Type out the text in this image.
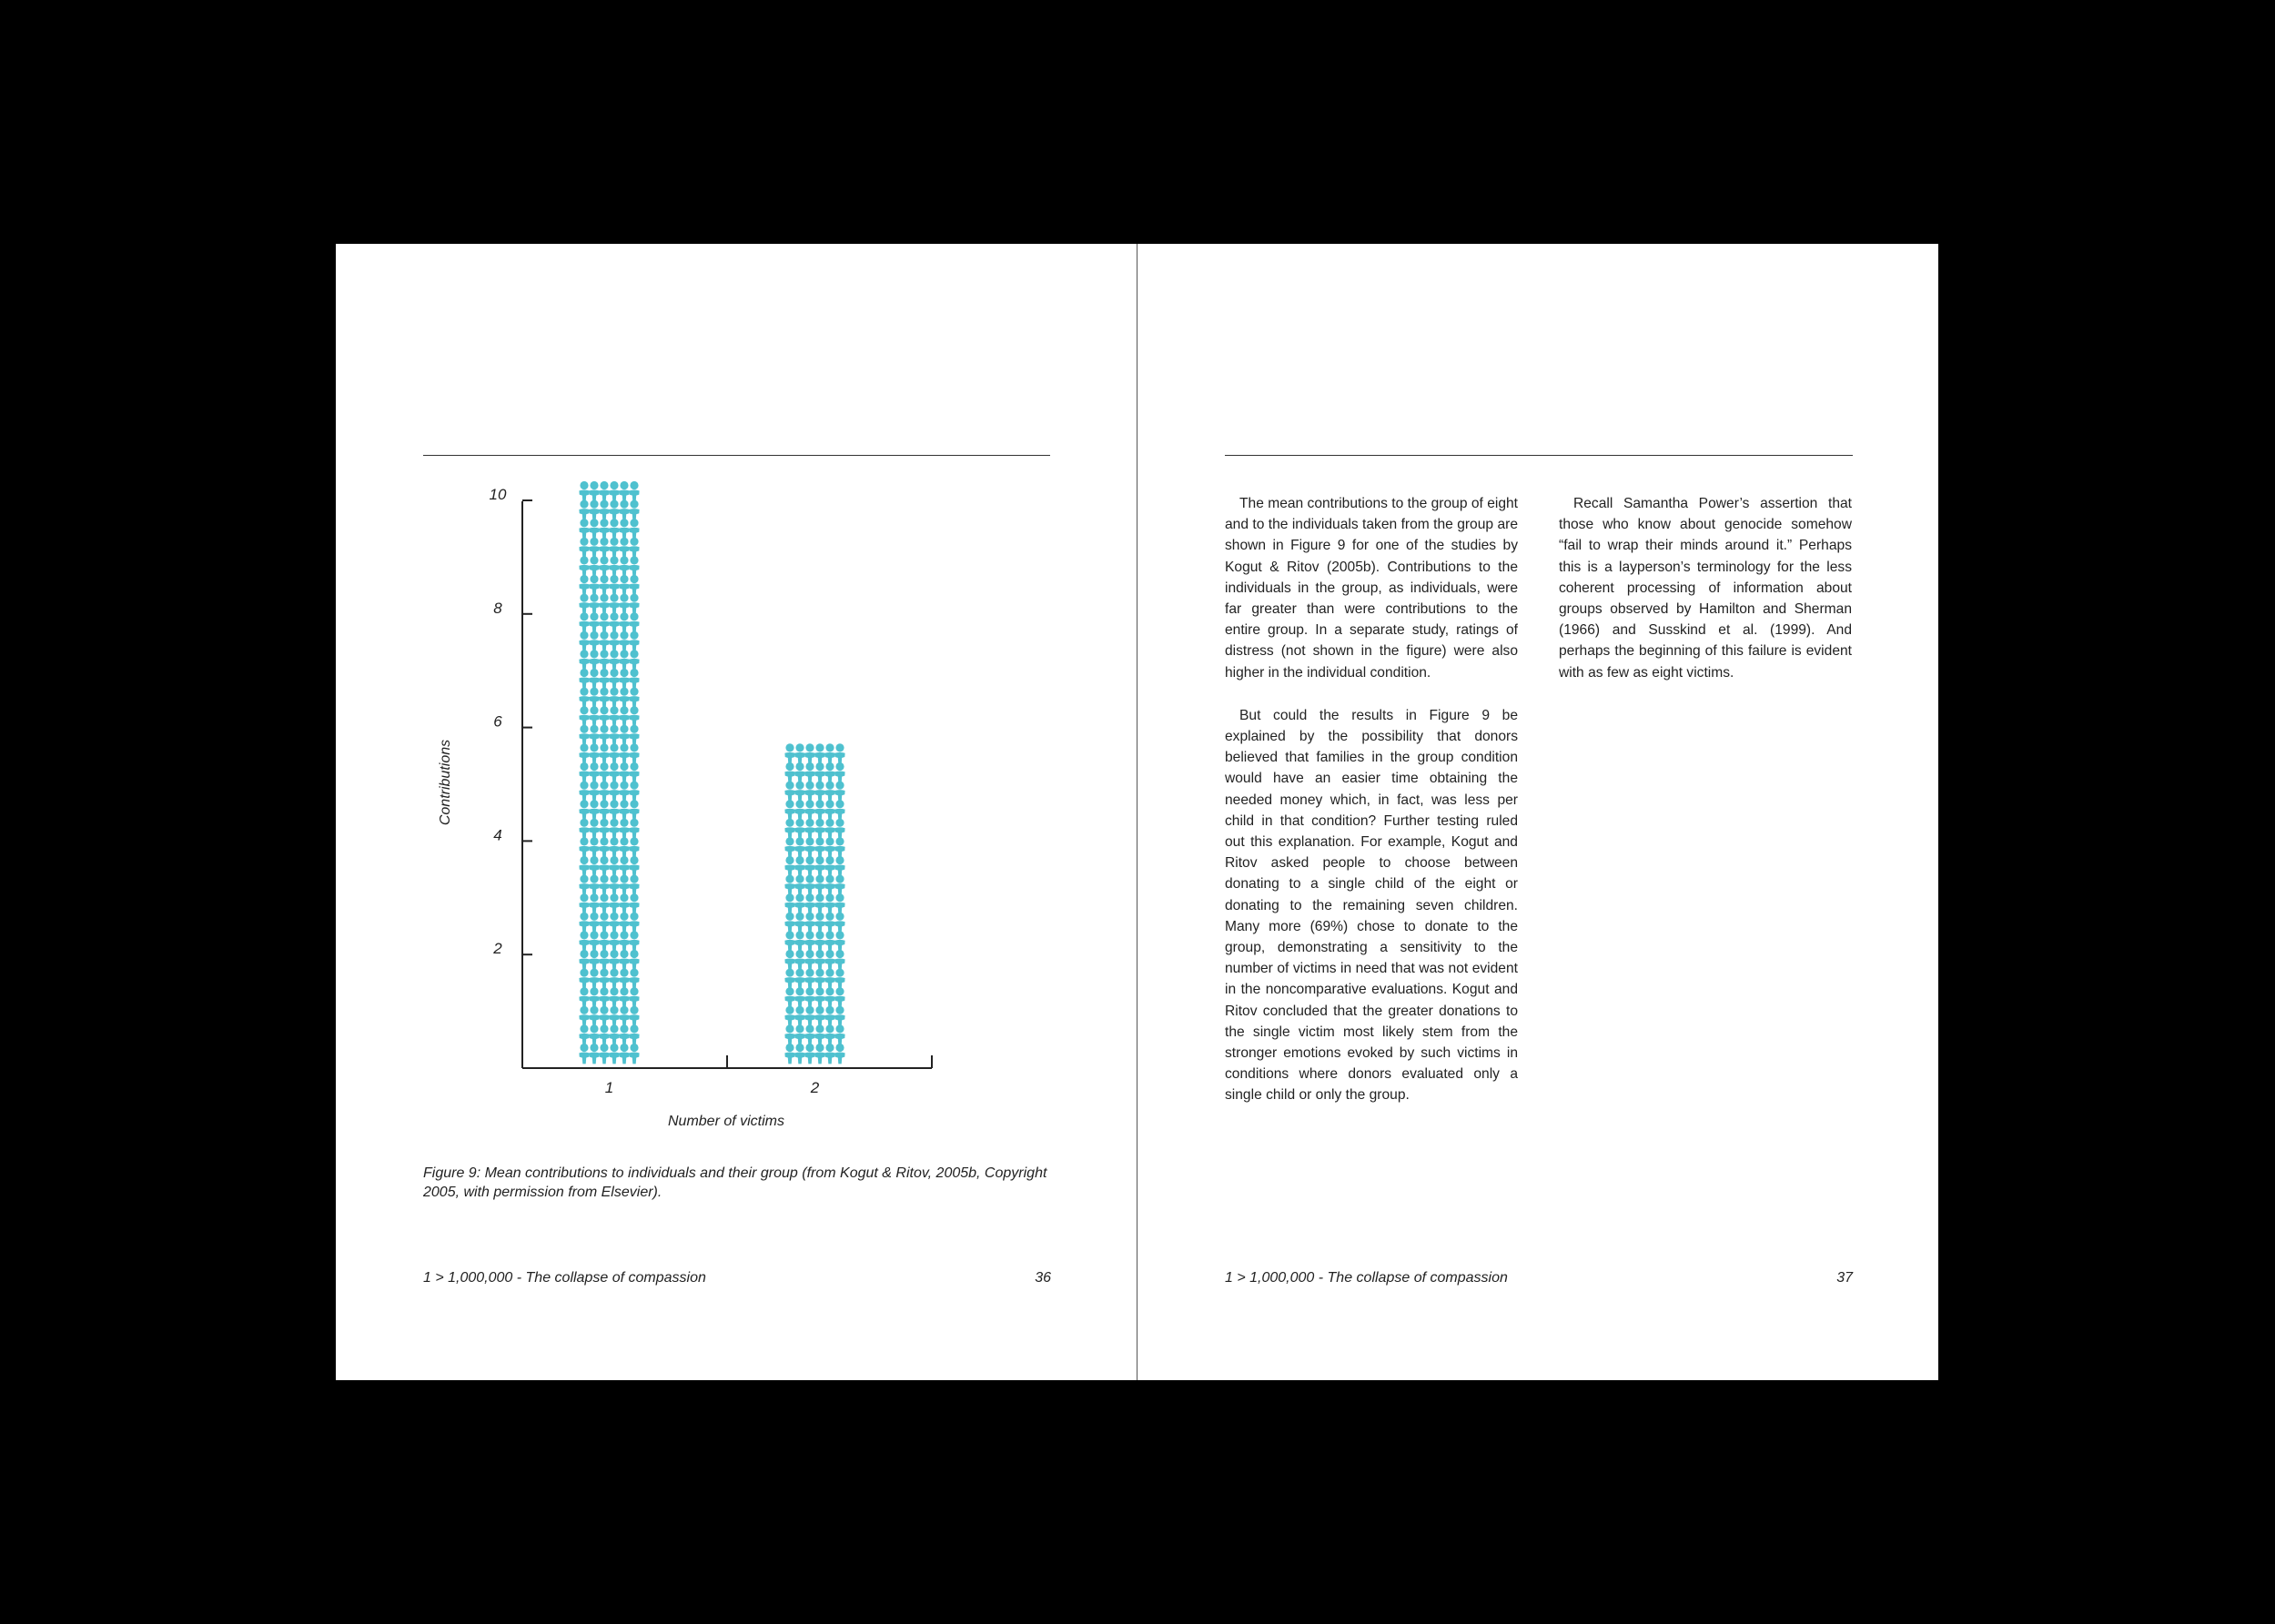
Contributions
Number of victims
2
4
6
8
10
1	2
Figure 9: Mean contributions to individuals and their group (from Kogut & Ritov, 2005b, Copyright 2005, with permission from Elsevier).
1 > 1,000,000 - The collapse of compassion	36

The mean contributions to the group of eight and to the individuals taken from the group are shown in Figure 9 for one of the studies by Kogut & Ritov (2005b). Contributions to the individuals in the group, as individuals, were far greater than were contributions to the entire group. In a separate study, ratings of distress (not shown in the figure) were also higher in the individual condition.

But could the results in Figure 9 be explained by the possibility that donors believed that families in the group condition would have an easier time obtaining the needed money which, in fact, was less per child in that condition? Further testing ruled out this explanation. For example, Kogut and Ritov asked people to choose between donating to a single child of the eight or donating to the remaining seven children. Many more (69%) chose to donate to the group, demonstrating a sensitivity to the number of victims in need that was not evident in the noncomparative evaluations. Kogut and Ritov concluded that the greater donations to the single victim most likely stem from the stronger emotions evoked by such victims in conditions where donors evaluated only a single child or only the group.

Recall Samantha Power’s assertion that those who know about genocide somehow “fail to wrap their minds around it.” Perhaps this is a layperson’s terminology for the less coherent processing of information about groups observed by Hamilton and Sherman (1966) and Susskind et al. (1999). And perhaps the beginning of this failure is evident with as few as eight victims.

1 > 1,000,000 - The collapse of compassion	37
